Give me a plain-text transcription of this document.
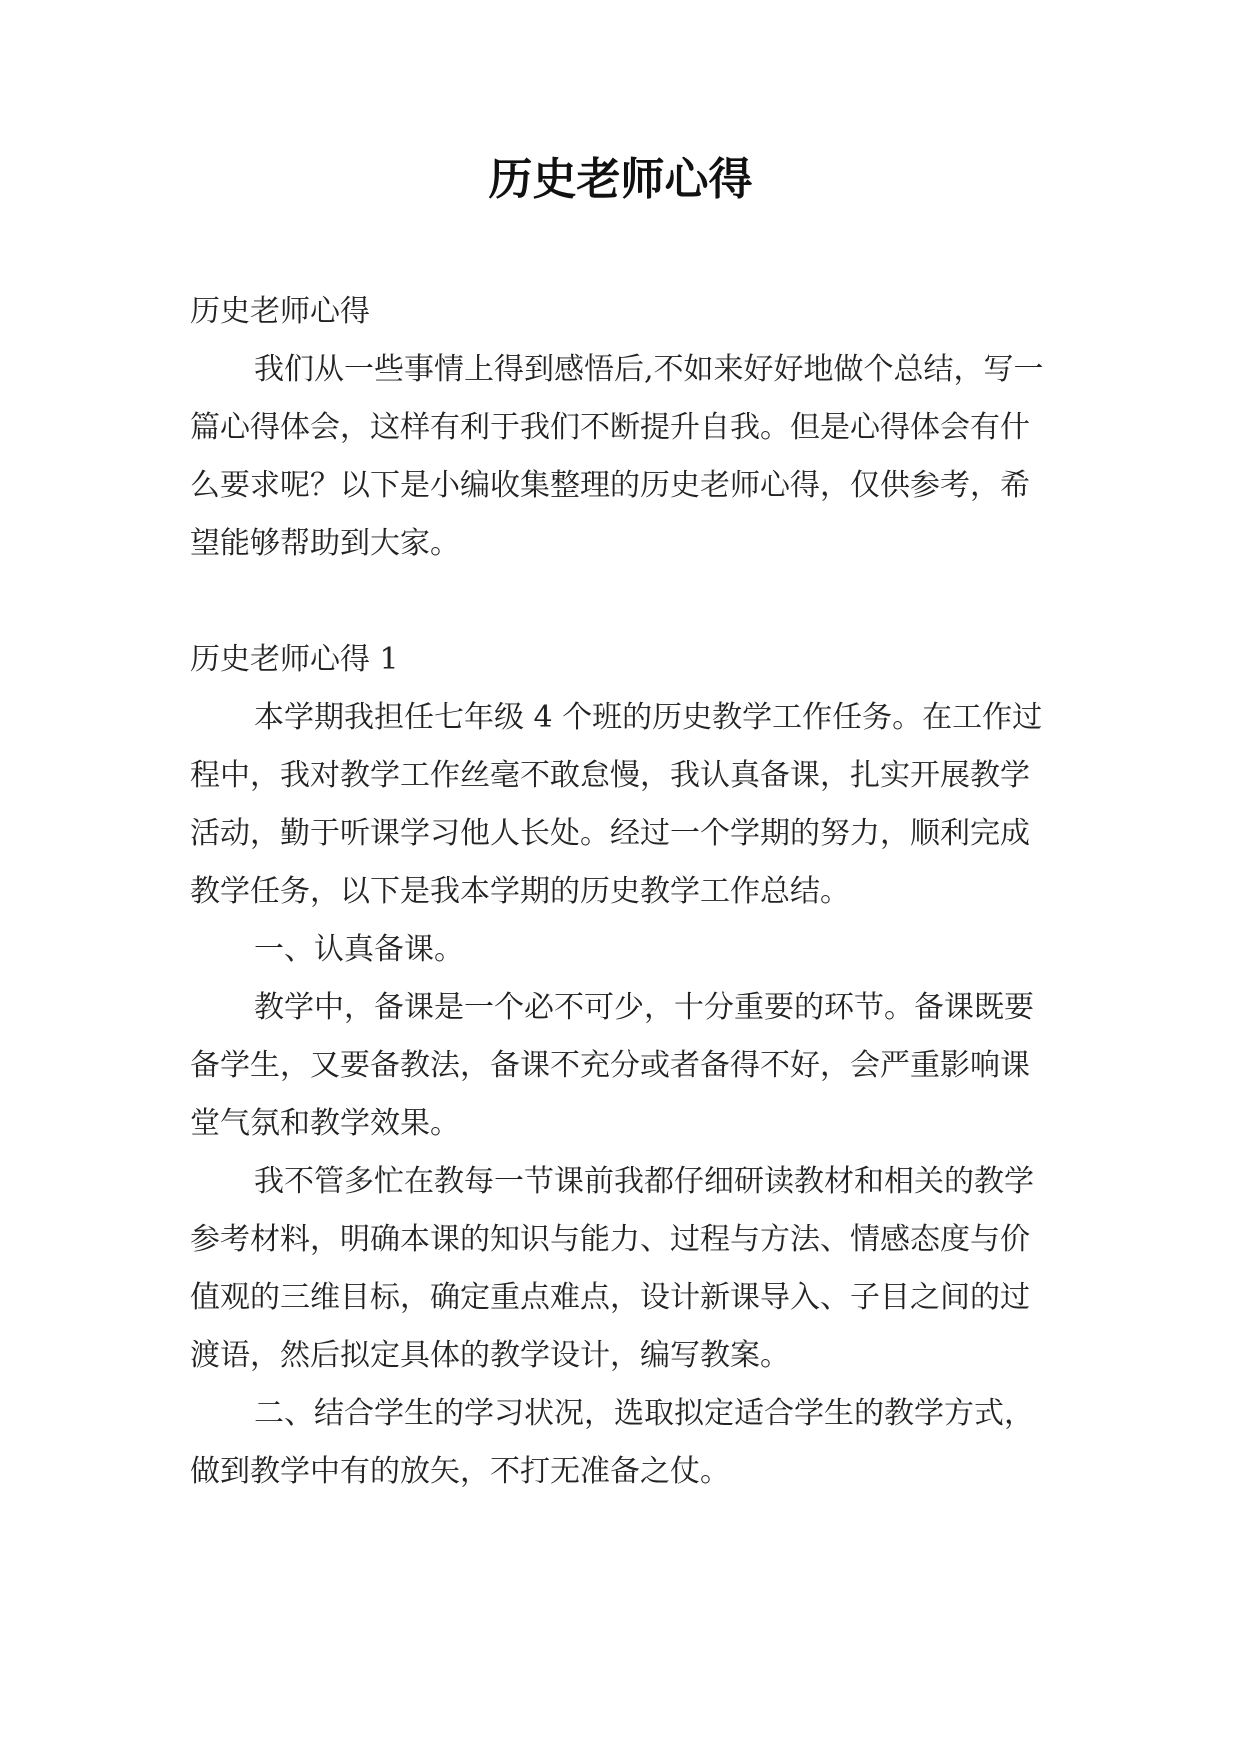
历史老师心得

历史老师心得

我们从一些事情上得到感悟后,不如来好好地做个总结，写一篇心得体会，这样有利于我们不断提升自我。但是心得体会有什么要求呢？以下是小编收集整理的历史老师心得，仅供参考，希望能够帮助到大家。

历史老师心得 1

本学期我担任七年级 4 个班的历史教学工作任务。在工作过程中，我对教学工作丝毫不敢怠慢，我认真备课，扎实开展教学活动，勤于听课学习他人长处。经过一个学期的努力，顺利完成教学任务，以下是我本学期的历史教学工作总结。

一、认真备课。

教学中，备课是一个必不可少，十分重要的环节。备课既要备学生，又要备教法，备课不充分或者备得不好，会严重影响课堂气氛和教学效果。

我不管多忙在教每一节课前我都仔细研读教材和相关的教学参考材料，明确本课的知识与能力、过程与方法、情感态度与价值观的三维目标，确定重点难点，设计新课导入、子目之间的过渡语，然后拟定具体的教学设计，编写教案。

二、结合学生的学习状况，选取拟定适合学生的教学方式，做到教学中有的放矢，不打无准备之仗。
